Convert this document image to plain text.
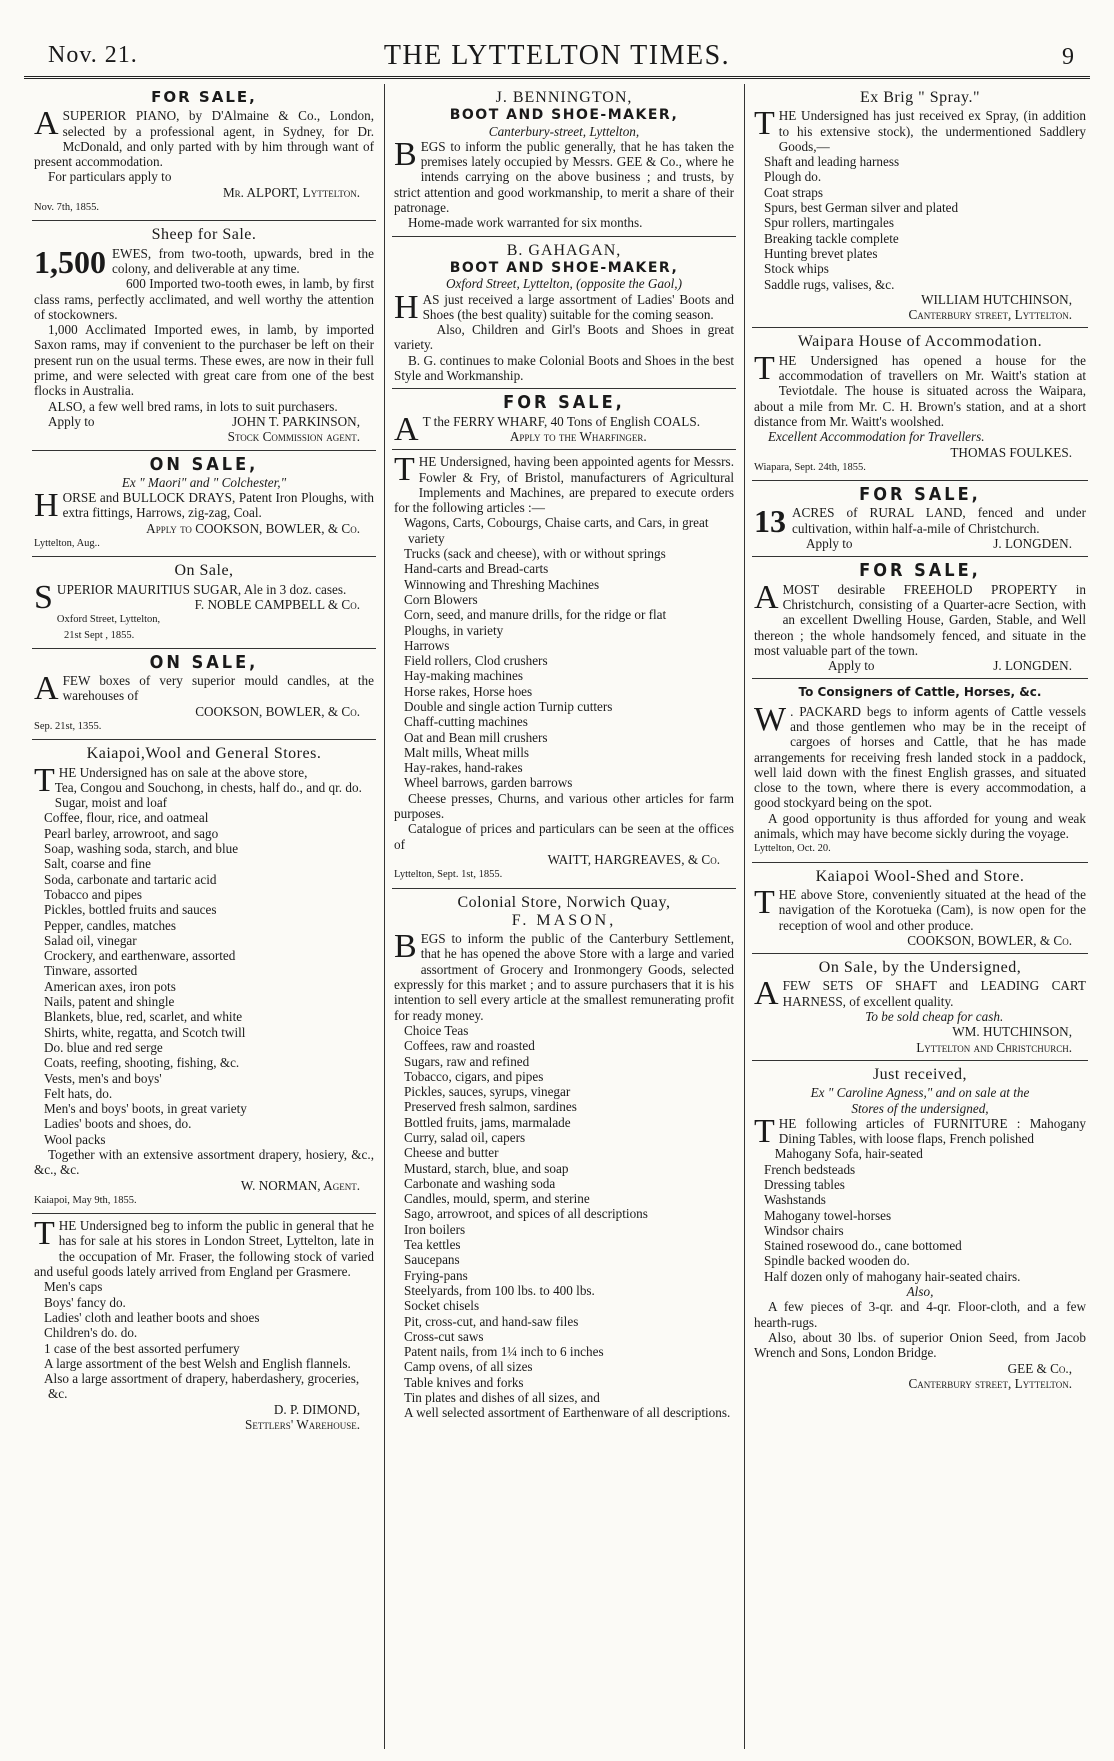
Nov. 21.	THE LYTTELTON TIMES.	9
FOR SALE,

ASUPERIOR PIANO, by D'Almaine & Co., London, selected by a professional agent, in Sydney, for Dr. McDonald, and only parted with by him through want of present accommodation.

For particulars apply to

Mr. ALPORT, Lyttelton.
Nov. 7th, 1855.
Sheep for Sale.

1,500 EWES, from two-tooth, upwards, bred in the colony, and deliverable at any time.

600 Imported two-tooth ewes, in lamb, by first class rams, perfectly acclimated, and well worthy the attention of stockowners.

1,000 Acclimated Imported ewes, in lamb, by imported Saxon rams, may if convenient to the purchaser be left on their present run on the usual terms. These ewes, are now in their full prime, and were selected with great care from one of the best flocks in Australia.

ALSO, a few well bred rams, in lots to suit purchasers.

Apply to	JOHN T. PARKINSON,
Stock Commission agent.
ON SALE,
Ex " Maori" and " Colchester,"

HORSE and BULLOCK DRAYS, Patent Iron Ploughs, with extra fittings, Harrows, zig-zag, Coal.

Apply to COOKSON, BOWLER, & Co.
Lyttelton, Aug..
On Sale,

SUPERIOR MAURITIUS SUGAR, Ale in 3 doz. cases.

F. NOBLE CAMPBELL & Co.
Oxford Street, Lyttelton,
21st Sept , 1855.
ON SALE,

AFEW boxes of very superior mould candles, at the warehouses of

COOKSON, BOWLER, & Co.
Sep. 21st, 1355.
Kaiapoi,Wool and General Stores.

THE Undersigned has on sale at the above store,

Tea, Congou and Souchong, in chests, half do., and qr. do.
Sugar, moist and loaf
Coffee, flour, rice, and oatmeal
Pearl barley, arrowroot, and sago
Soap, washing soda, starch, and blue
Salt, coarse and fine
Soda, carbonate and tartaric acid
Tobacco and pipes
Pickles, bottled fruits and sauces
Pepper, candles, matches
Salad oil, vinegar
Crockery, and earthenware, assorted
Tinware, assorted
American axes, iron pots
Nails, patent and shingle
Blankets, blue, red, scarlet, and white
Shirts, white, regatta, and Scotch twill
Do. blue and red serge
Coats, reefing, shooting, fishing, &c.
Vests, men's and boys'
Felt hats, do.
Men's and boys' boots, in great variety
Ladies' boots and shoes, do.
Wool packs

Together with an extensive assortment drapery, hosiery, &c., &c., &c.

W. NORMAN, Agent.
Kaiapoi, May 9th, 1855.

THE Undersigned beg to inform the public in general that he has for sale at his stores in London Street, Lyttelton, late in the occupation of Mr. Fraser, the following stock of varied and useful goods lately arrived from England per Grasmere.

Men's caps
Boys' fancy do.
Ladies' cloth and leather boots and shoes
Children's do. do.
1 case of the best assorted perfumery
A large assortment of the best Welsh and English flannels.
Also a large assortment of drapery, haberdashery, groceries, &c.
D. P. DIMOND,
Settlers' Warehouse.
J. BENNINGTON,
BOOT AND SHOE-MAKER,
Canterbury-street, Lyttelton,

BEGS to inform the public generally, that he has taken the premises lately occupied by Messrs. GEE & Co., where he intends carrying on the above business ; and trusts, by strict attention and good workmanship, to merit a share of their patronage.

Home-made work warranted for six months.

B. GAHAGAN,
BOOT AND SHOE-MAKER,
Oxford Street, Lyttelton, (opposite the Gaol,)

HAS just received a large assortment of Ladies' Boots and Shoes (the best quality) suitable for the coming season.

Also, Children and Girl's Boots and Shoes in great variety.

B. G. continues to make Colonial Boots and Shoes in the best Style and Workmanship.

FOR SALE,

A T the FERRY WHARF, 40 Tons of English COALS.

Apply to the Wharfinger.

THE Undersigned, having been appointed agents for Messrs. Fowler & Fry, of Bristol, manufacturers of Agricultural Implements and Machines, are prepared to execute orders for the following articles :—

Wagons, Carts, Cobourgs, Chaise carts, and Cars, in great variety
Trucks (sack and cheese), with or without springs
Hand-carts and Bread-carts
Winnowing and Threshing Machines
Corn Blowers
Corn, seed, and manure drills, for the ridge or flat
Ploughs, in variety
Harrows
Field rollers, Clod crushers
Hay-making machines
Horse rakes, Horse hoes
Double and single action Turnip cutters
Chaff-cutting machines
Oat and Bean mill crushers
Malt mills, Wheat mills
Hay-rakes, hand-rakes
Wheel barrows, garden barrows

Cheese presses, Churns, and various other articles for farm purposes.

Catalogue of prices and particulars can be seen at the offices of

WAITT, HARGREAVES, & Co.
Lyttelton, Sept. 1st, 1855.
Colonial Store, Norwich Quay,
F. MASON,

BEGS to inform the public of the Canterbury Settlement, that he has opened the above Store with a large and varied assortment of Grocery and Ironmongery Goods, selected expressly for this market ; and to assure purchasers that it is his intention to sell every article at the smallest remunerating profit for ready money.

Choice Teas
Coffees, raw and roasted
Sugars, raw and refined
Tobacco, cigars, and pipes
Pickles, sauces, syrups, vinegar
Preserved fresh salmon, sardines
Bottled fruits, jams, marmalade
Curry, salad oil, capers
Cheese and butter
Mustard, starch, blue, and soap
Carbonate and washing soda
Candles, mould, sperm, and sterine
Sago, arrowroot, and spices of all descriptions
Iron boilers
Tea kettles
Saucepans
Frying-pans
Steelyards, from 100 lbs. to 400 lbs.
Socket chisels
Pit, cross-cut, and hand-saw files
Cross-cut saws
Patent nails, from 1¼ inch to 6 inches
Camp ovens, of all sizes
Table knives and forks
Tin plates and dishes of all sizes, and
A well selected assortment of Earthenware of all descriptions.
Ex Brig " Spray."

THE Undersigned has just received ex Spray, (in addition to his extensive stock), the undermentioned Saddlery Goods,—

Shaft and leading harness
Plough do.
Coat straps
Spurs, best German silver and plated
Spur rollers, martingales
Breaking tackle complete
Hunting brevet plates
Stock whips
Saddle rugs, valises, &c.
WILLIAM HUTCHINSON,
Canterbury street, Lyttelton.
Waipara House of Accommodation.

THE Undersigned has opened a house for the accommodation of travellers on Mr. Waitt's station at Teviotdale. The house is situated across the Waipara, about a mile from Mr. C. H. Brown's station, and at a short distance from Mr. Waitt's woolshed.

Excellent Accommodation for Travellers.

THOMAS FOULKES.
Wiapara, Sept. 24th, 1855.
FOR SALE,

13 ACRES of RURAL LAND, fenced and under cultivation, within half-a-mile of Christchurch.

Apply to	J. LONGDEN.
FOR SALE,

AMOST desirable FREEHOLD PROPERTY in Christchurch, consisting of a Quarter-acre Section, with an excellent Dwelling House, Garden, Stable, and Well thereon ; the whole handsomely fenced, and situate in the most valuable part of the town.

Apply to	J. LONGDEN.
To Consigners of Cattle, Horses, &c.

W . PACKARD begs to inform agents of Cattle vessels and those gentlemen who may be in the receipt of cargoes of horses and Cattle, that he has made arrangements for receiving fresh landed stock in a paddock, well laid down with the finest English grasses, and situated close to the town, where there is every accommodation, a good stockyard being on the spot.

A good opportunity is thus afforded for young and weak animals, which may have become sickly during the voyage.

Lyttelton, Oct. 20.
Kaiapoi Wool-Shed and Store.

THE above Store, conveniently situated at the head of the navigation of the Korotueka (Cam), is now open for the reception of wool and other produce.

COOKSON, BOWLER, & Co.
On Sale, by the Undersigned,

AFEW SETS OF SHAFT and LEADING CART HARNESS, of excellent quality.

To be sold cheap for cash.
WM. HUTCHINSON,
Lyttelton and Christchurch.
Just received,
Ex " Caroline Agness," and on sale at the
Stores of the undersigned,

THE following articles of FURNITURE : Mahogany Dining Tables, with loose flaps, French polished

Mahogany Sofa, hair-seated
French bedsteads
Dressing tables
Washstands
Mahogany towel-horses
Windsor chairs
Stained rosewood do., cane bottomed
Spindle backed wooden do.
Half dozen only of mahogany hair-seated chairs.
Also,

A few pieces of 3-qr. and 4-qr. Floor-cloth, and a few hearth-rugs.

Also, about 30 lbs. of superior Onion Seed, from Jacob Wrench and Sons, London Bridge.

GEE & Co.,
Canterbury street, Lyttelton.
